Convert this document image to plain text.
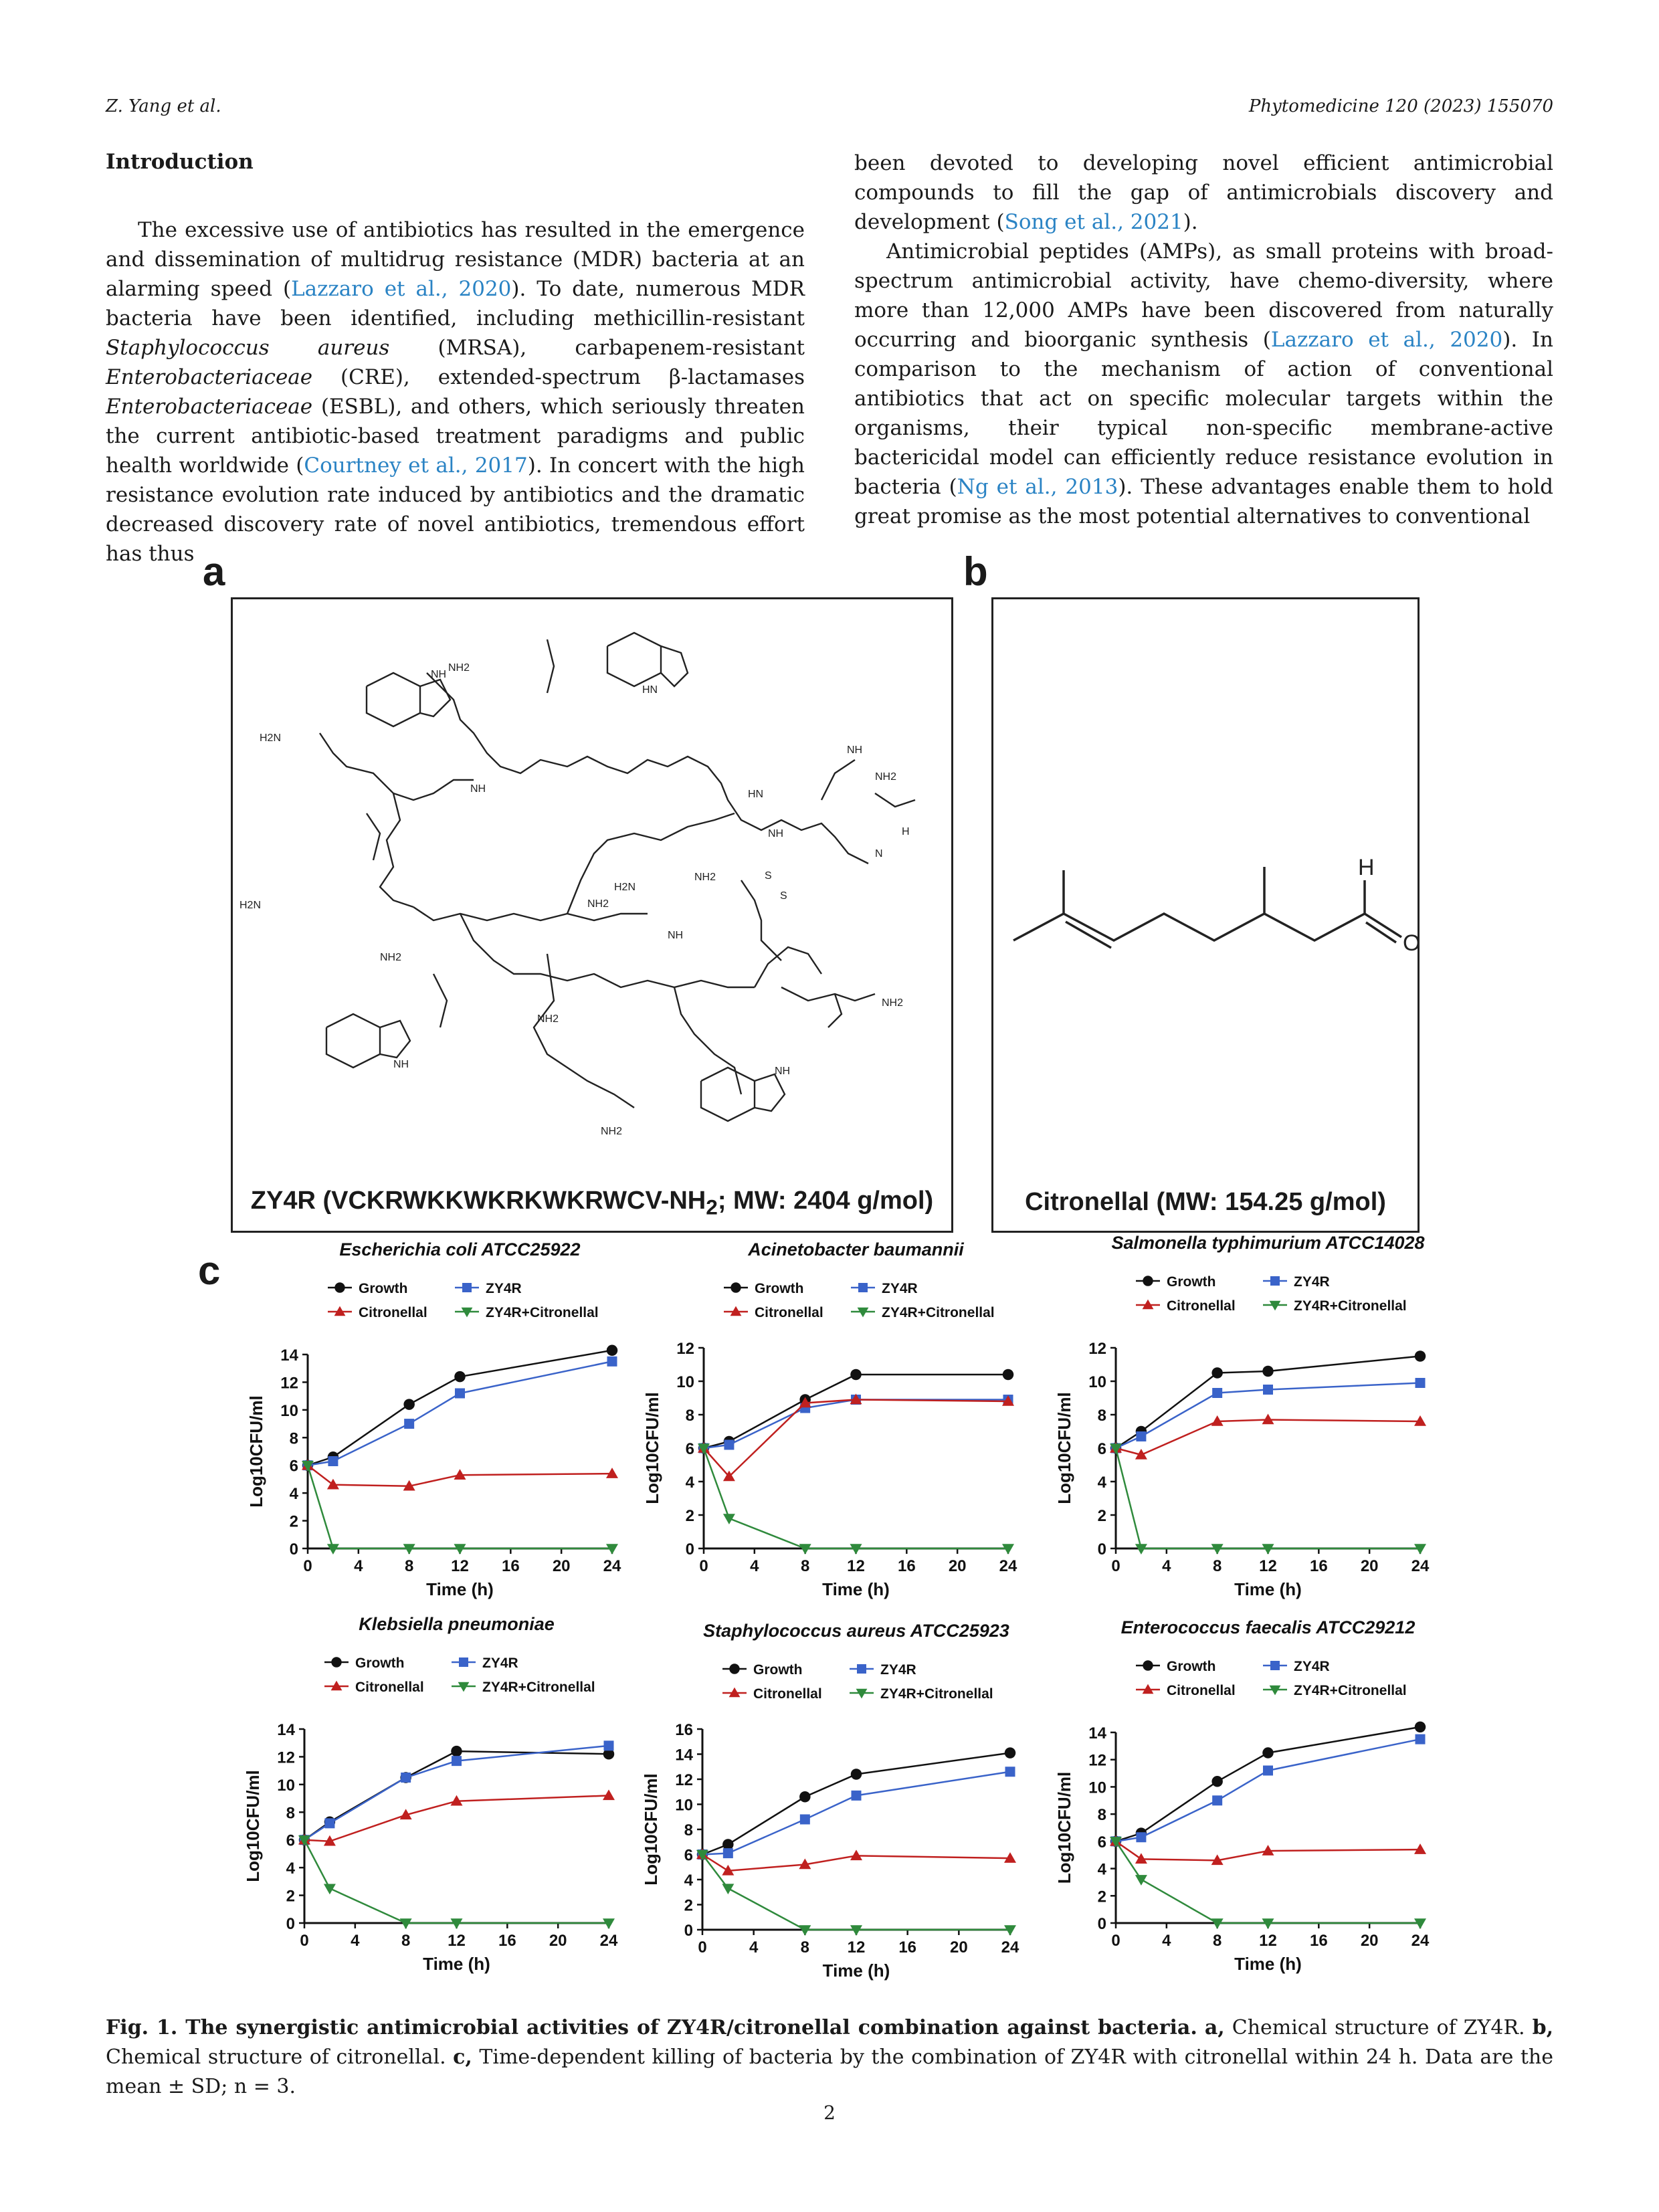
Z. Yang et al.	Phytomedicine 120 (2023) 155070
Introduction

The excessive use of antibiotics has resulted in the emergence and dissemination of multidrug resistance (MDR) bacteria at an alarming speed (Lazzaro et al., 2020). To date, numerous MDR bacteria have been identified, including methicillin-resistant Staphylococcus aureus (MRSA), carbapenem-resistant Enterobacteriaceae (CRE), extended-spectrum β-lactamases Enterobacteriaceae (ESBL), and others, which seriously threaten the current antibiotic-based treatment paradigms and public health worldwide (Courtney et al., 2017). In concert with the high resistance evolution rate induced by antibiotics and the dramatic decreased discovery rate of novel antibiotics, tremendous effort has thus

been devoted to developing novel efficient antimicrobial compounds to fill the gap of antimicrobials discovery and development (Song et al., 2021).

Antimicrobial peptides (AMPs), as small proteins with broad-spectrum antimicrobial activity, have chemo-diversity, where more than 12,000 AMPs have been discovered from naturally occurring and bioorganic synthesis (Lazzaro et al., 2020). In comparison to the mechanism of action of conventional antibiotics that act on specific molecular targets within the organisms, their typical non-specific membrane-active bactericidal model can efficiently reduce resistance evolution in bacteria (Ng et al., 2013). These advantages enable them to hold great promise as the most potential alternatives to conventional

a	b
c
NH2
NH
HN
NH
NH2
H2N
NH	HN
NH2
NH	H
N
NH2
H2N
S
S
H2N	NH2
NH
NH2
NH2
NH
NH
NH2
ZY4R ($VCKRWKKWKRKWKRWCV-NH_2$; MW: 2404 g/mol)
H
O
Citronellal (MW: 154.25 g/mol)
Escherichia coli ATCC25922
Growth	ZY4R
Citronellal	ZY4R+Citronellal
0
2
4
6
8
10
12
14
0	4	8 12 16 20 24
Time (h)
Log10CFU/ml
Acinetobacter baumannii
Growth	ZY4R
Citronellal	ZY4R+Citronellal
0
2
4
6
8
10
12
0	4	8 12 16 20 24
Time (h)
Log10CFU/ml
Salmonella typhimurium ATCC14028
Growth	ZY4R
Citronellal	ZY4R+Citronellal
0
2
4
6
8
10
12
0	4	8 12 16 20 24
Time (h)
Log10CFU/ml
Klebsiella pneumoniae
Growth	ZY4R
Citronellal	ZY4R+Citronellal
0
2
4
6
8
10
12
14
0	4	8 12 16 20 24
Time (h)
Log10CFU/ml
Staphylococcus aureus ATCC25923
Growth	ZY4R
Citronellal	ZY4R+Citronellal
0
2
4
6
8
10
12
14
16
0	4	8 12 16 20 24
Time (h)
Log10CFU/ml
Enterococcus faecalis ATCC29212
Growth	ZY4R
Citronellal	ZY4R+Citronellal
0
2
4
6
8
10
12
14
0	4	8 12 16 20 24
Time (h)
Log10CFU/ml
Fig. 1. The synergistic antimicrobial activities of ZY4R/citronellal combination against bacteria. a, Chemical structure of ZY4R. b, Chemical structure of citronellal. c, Time-dependent killing of bacteria by the combination of ZY4R with citronellal within 24 h. Data are the mean ± SD; n = 3.
2
